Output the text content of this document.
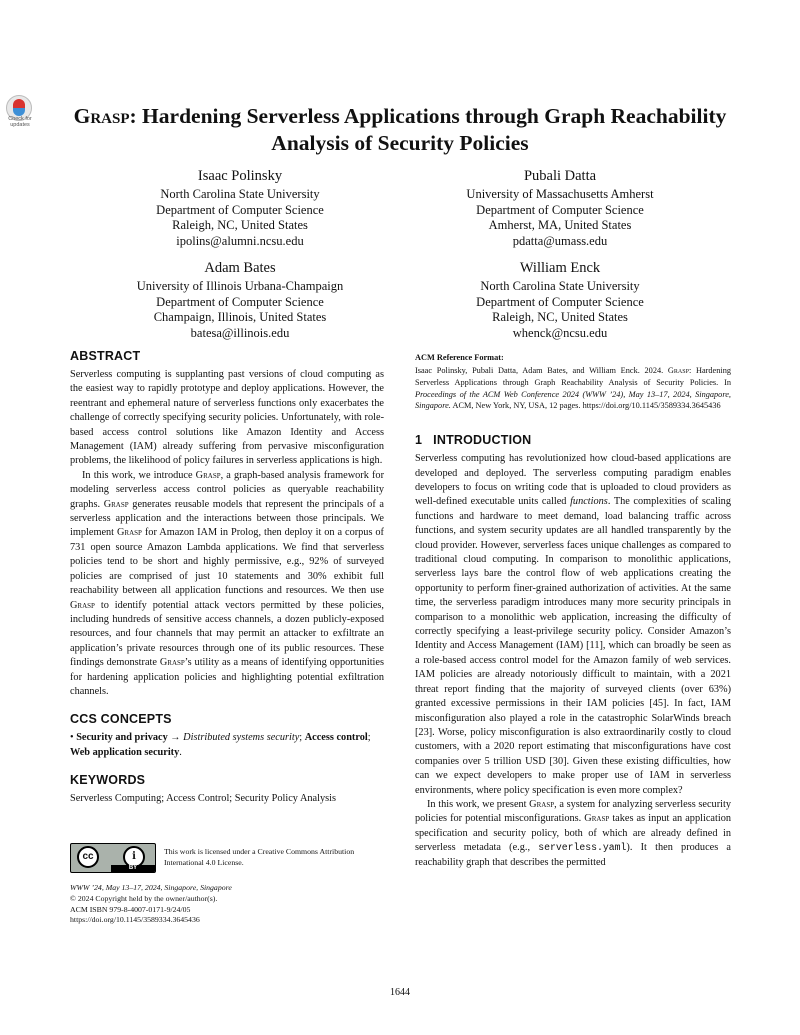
Check for updates	Grasp: Hardening Serverless Applications through Graph Reachability Analysis of Security Policies
Isaac Polinsky
North Carolina State University
Department of Computer Science
Raleigh, NC, United States
ipolins@alumni.ncsu.edu
Pubali Datta
University of Massachusetts Amherst
Department of Computer Science
Amherst, MA, United States
pdatta@umass.edu
Adam Bates
University of Illinois Urbana-Champaign
Department of Computer Science
Champaign, Illinois, United States
batesa@illinois.edu
William Enck
North Carolina State University
Department of Computer Science
Raleigh, NC, United States
whenck@ncsu.edu
ABSTRACT

Serverless computing is supplanting past versions of cloud computing as the easiest way to rapidly prototype and deploy applications. However, the reentrant and ephemeral nature of serverless functions only exacerbates the challenge of correctly specifying security policies. Unfortunately, with role-based access control solutions like Amazon Identity and Access Management (IAM) already suffering from pervasive misconfiguration problems, the likelihood of policy failures in serverless applications is high.

In this work, we introduce Grasp, a graph-based analysis framework for modeling serverless access control policies as queryable reachability graphs. Grasp generates reusable models that represent the principals of a serverless application and the interactions between those principals. We implement Grasp for Amazon IAM in Prolog, then deploy it on a corpus of 731 open source Amazon Lambda applications. We find that serverless policies tend to be short and highly permissive, e.g., 92% of surveyed policies are comprised of just 10 statements and 30% exhibit full reachability between all application functions and resources. We then use Grasp to identify potential attack vectors permitted by these policies, including hundreds of sensitive access channels, a dozen publicly-exposed resources, and four channels that may permit an attacker to exfiltrate an application’s private resources through one of its public resources. These findings demonstrate Grasp’s utility as a means of identifying opportunities for hardening application policies and highlighting potential exfiltration channels.

CCS CONCEPTS

• Security and privacy → Distributed systems security; Access control; Web application security.

KEYWORDS

Serverless Computing; Access Control; Security Policy Analysis

cc	i
BY
This work is licensed under a Creative Commons Attribution International 4.0 License.
WWW ’24, May 13–17, 2024, Singapore, Singapore
© 2024 Copyright held by the owner/author(s).
ACM ISBN 979-8-4007-0171-9/24/05
https://doi.org/10.1145/3589334.3645436
ACM Reference Format:

Isaac Polinsky, Pubali Datta, Adam Bates, and William Enck. 2024. Grasp: Hardening Serverless Applications through Graph Reachability Analysis of Security Policies. In Proceedings of the ACM Web Conference 2024 (WWW ’24), May 13–17, 2024, Singapore, Singapore. ACM, New York, NY, USA, 12 pages. https://doi.org/10.1145/3589334.3645436

1   INTRODUCTION

Serverless computing has revolutionized how cloud-based applications are developed and deployed. The serverless computing paradigm enables developers to focus on writing code that is uploaded to cloud providers as well-defined executable units called functions. The complexities of scaling functions and hardware to meet demand, load balancing traffic across functions, and system security updates are all handled transparently by the cloud provider. However, serverless faces unique challenges as compared to traditional cloud computing. In comparison to monolithic applications, serverless lays bare the control flow of web applications creating the opportunity to perform finer-grained authorization of activities. At the same time, the serverless paradigm introduces many more security principals in comparison to a monolithic web application, increasing the difficulty of correctly specifying a least-privilege security policy. Consider Amazon’s Identity and Access Management (IAM) [11], which can broadly be seen as a role-based access control model for the Amazon family of web services. IAM policies are already notoriously difficult to maintain, with a 2021 threat report finding that the majority of surveyed clients (over 63%) granted excessive permissions in their IAM policies [45]. In fact, IAM misconfiguration also played a role in the catastrophic SolarWinds breach [23]. Worse, policy misconfiguration is also extraordinarily costly to cloud customers, with a 2020 report estimating that misconfigurations have cost companies over 5 trillion USD [30]. Given these existing difficulties, how can we expect developers to make proper use of IAM in serverless environments, where policy specification is even more complex?

In this work, we present Grasp, a system for analyzing serverless security policies for potential misconfigurations. Grasp takes as input an application specification and security policy, both of which are already defined in serverless metadata (e.g., serverless.yaml). It then produces a reachability graph that describes the permitted

1644
